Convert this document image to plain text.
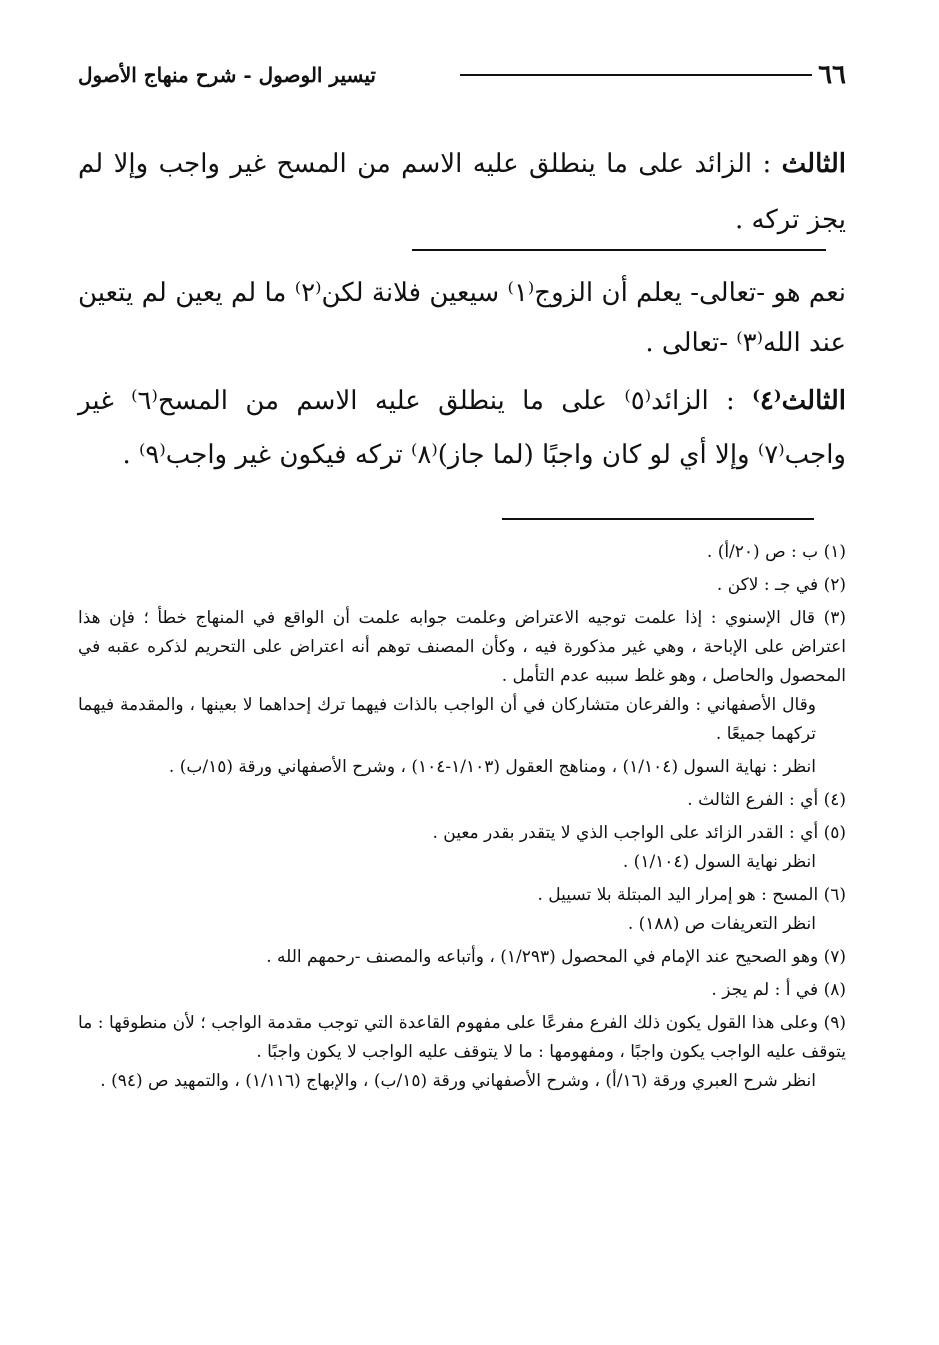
٦٦
تيسير الوصول - شرح منهاج الأصول
الثالث : الزائد على ما ينطلق عليه الاسم من المسح غير واجب وإلا لم يجز تركه .
نعم هو -تعالى- يعلم أن الزوج⁽١⁾ سيعين فلانة لكن⁽٢⁾ ما لم يعين لم يتعين عند الله⁽٣⁾ -تعالى .
الثالث⁽٤⁾ : الزائد⁽٥⁾ على ما ينطلق عليه الاسم من المسح⁽٦⁾ غير واجب⁽٧⁾ وإلا أي لو كان واجبًا (لما جاز)⁽٨⁾ تركه فيكون غير واجب⁽٩⁾ .
(١) ب : ص (٢٠/أ) .
(٢) في جـ : لاكن .
(٣) قال الإسنوي : إذا علمت توجيه الاعتراض وعلمت جوابه علمت أن الواقع في المنهاج خطأ ؛ فإن هذا اعتراض على الإباحة ، وهي غير مذكورة فيه ، وكأن المصنف توهم أنه اعتراض على التحريم لذكره عقبه في المحصول والحاصل ، وهو غلط سببه عدم التأمل .
وقال الأصفهاني : والفرعان متشاركان في أن الواجب بالذات فيهما ترك إحداهما لا بعينها ، والمقدمة فيهما تركهما جميعًا .
انظر : نهاية السول (١/١٠٤) ، ومناهج العقول (١/١٠٣-١٠٤) ، وشرح الأصفهاني ورقة (١٥/ب) .
(٤) أي : الفرع الثالث .
(٥) أي : القدر الزائد على الواجب الذي لا يتقدر بقدر معين .
انظر نهاية السول (١/١٠٤) .
(٦) المسح : هو إمرار اليد المبتلة بلا تسييل .
انظر التعريفات ص (١٨٨) .
(٧) وهو الصحيح عند الإمام في المحصول (١/٢٩٣) ، وأتباعه والمصنف -رحمهم الله .
(٨) في أ : لم يجز .
(٩) وعلى هذا القول يكون ذلك الفرع مفرعًا على مفهوم القاعدة التي توجب مقدمة الواجب ؛ لأن منطوقها : ما يتوقف عليه الواجب يكون واجبًا ، ومفهومها : ما لا يتوقف عليه الواجب لا يكون واجبًا .
انظر شرح العبري ورقة (١٦/أ) ، وشرح الأصفهاني ورقة (١٥/ب) ، والإبهاج (١/١١٦) ، والتمهيد ص (٩٤) .
